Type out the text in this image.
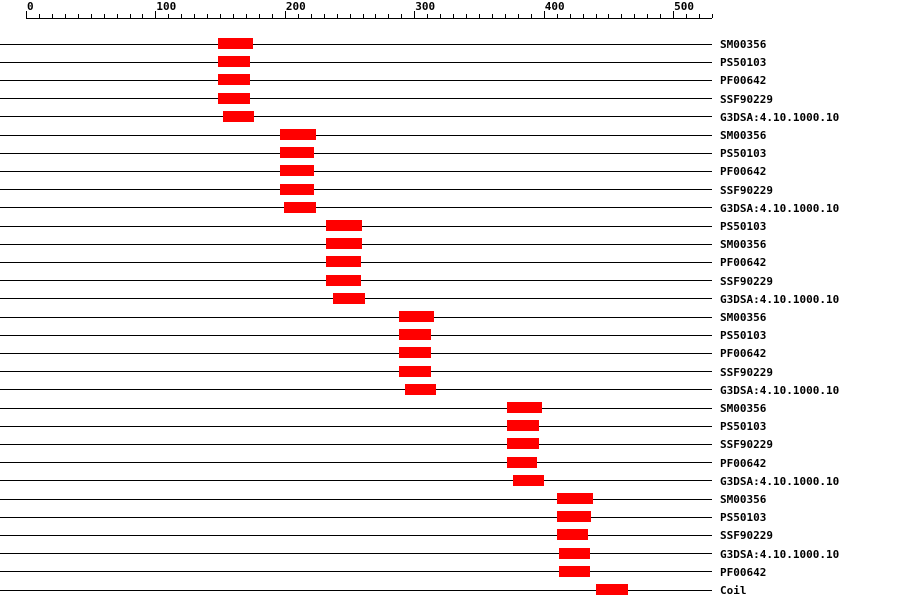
0	100	200	300	400	500
SM00356
PS50103
PF00642
SSF90229
G3DSA:4.10.1000.10
SM00356
PS50103
PF00642
SSF90229
G3DSA:4.10.1000.10
PS50103
SM00356
PF00642
SSF90229
G3DSA:4.10.1000.10
SM00356
PS50103
PF00642
SSF90229
G3DSA:4.10.1000.10
SM00356
PS50103
SSF90229
PF00642
G3DSA:4.10.1000.10
SM00356
PS50103
SSF90229
G3DSA:4.10.1000.10
PF00642
Coil
